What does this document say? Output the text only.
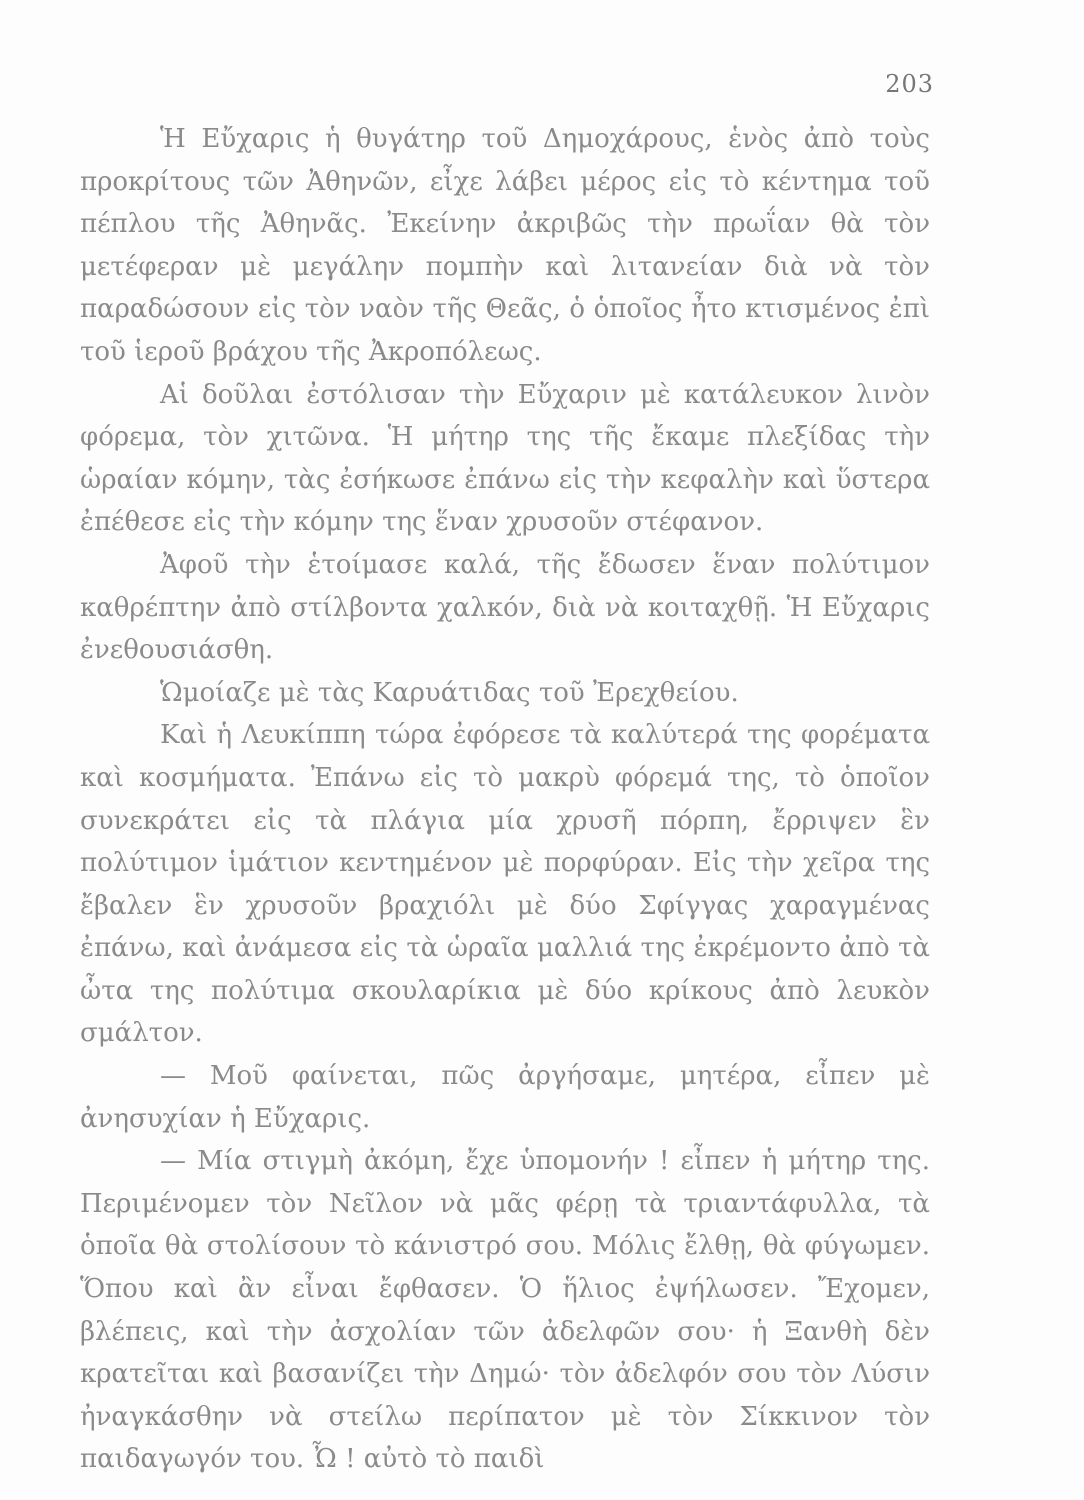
203

Ἡ Εὔχαρις ἡ θυγάτηρ τοῦ Δημοχάρους, ἑνὸς ἀπὸ τοὺς προκρίτους τῶν Ἀθηνῶν, εἶχε λάβει μέρος εἰς τὸ κέντημα τοῦ πέπλου τῆς Ἀθηνᾶς. Ἐκείνην ἀκριβῶς τὴν πρωΐαν θὰ τὸν μετέφεραν μὲ μεγάλην πομπὴν καὶ λιτανείαν διὰ νὰ τὸν παραδώσουν εἰς τὸν ναὸν τῆς Θεᾶς, ὁ ὁποῖος ἦτο κτισμένος ἐπὶ τοῦ ἱεροῦ βράχου τῆς Ἀκροπόλεως.

Αἱ δοῦλαι ἐστόλισαν τὴν Εὔχαριν μὲ κατάλευκον λινὸν φόρεμα, τὸν χιτῶνα. Ἡ μήτηρ της τῆς ἔκαμε πλεξίδας τὴν ὡραίαν κόμην, τὰς ἐσήκωσε ἐπάνω εἰς τὴν κεφαλὴν καὶ ὕστερα ἐπέθεσε εἰς τὴν κόμην της ἕναν χρυσοῦν στέφανον.

Ἀφοῦ τὴν ἑτοίμασε καλά, τῆς ἔδωσεν ἕναν πολύτιμον καθρέπτην ἀπὸ στίλβοντα χαλκόν, διὰ νὰ κοιταχθῇ. Ἡ Εὔχαρις ἐνεθουσιάσθη.

Ὡμοίαζε μὲ τὰς Καρυάτιδας τοῦ Ἐρεχθείου.

Καὶ ἡ Λευκίππη τώρα ἐφόρεσε τὰ καλύτερά της φορέματα καὶ κοσμήματα. Ἐπάνω εἰς τὸ μακρὺ φόρεμά της, τὸ ὁποῖον συνεκράτει εἰς τὰ πλάγια μία χρυσῆ πόρπη, ἔρριψεν ἓν πολύτιμον ἱμάτιον κεντημένον μὲ πορφύραν. Εἰς τὴν χεῖρα της ἔβαλεν ἓν χρυσοῦν βραχιόλι μὲ δύο Σφίγγας χαραγμένας ἐπάνω, καὶ ἀνάμεσα εἰς τὰ ὡραῖα μαλλιά της ἐκρέμοντο ἀπὸ τὰ ὦτα της πολύτιμα σκουλαρίκια μὲ δύο κρίκους ἀπὸ λευκὸν σμάλτον.

— Μοῦ φαίνεται, πῶς ἀργήσαμε, μητέρα, εἶπεν μὲ ἀνησυχίαν ἡ Εὔχαρις.

— Μία στιγμὴ ἀκόμη, ἔχε ὑπομονήν ! εἶπεν ἡ μήτηρ της. Περιμένομεν τὸν Νεῖλον νὰ μᾶς φέρῃ τὰ τριαντάφυλλα, τὰ ὁποῖα θὰ στολίσουν τὸ κάνιστρό σου. Μόλις ἔλθῃ, θὰ φύγωμεν. Ὅπου καὶ ἂν εἶναι ἔφθασεν. Ὁ ἥλιος ἐψήλωσεν. Ἔχομεν, βλέπεις, καὶ τὴν ἀσχολίαν τῶν ἀδελφῶν σου· ἡ Ξανθὴ δὲν κρατεῖται καὶ βασανίζει τὴν Δημώ· τὸν ἀδελφόν σου τὸν Λύσιν ἠναγκάσθην νὰ στείλω περίπατον μὲ τὸν Σίκκινον τὸν παιδαγωγόν του. Ὦ ! αὐτὸ τὸ παιδὶ
